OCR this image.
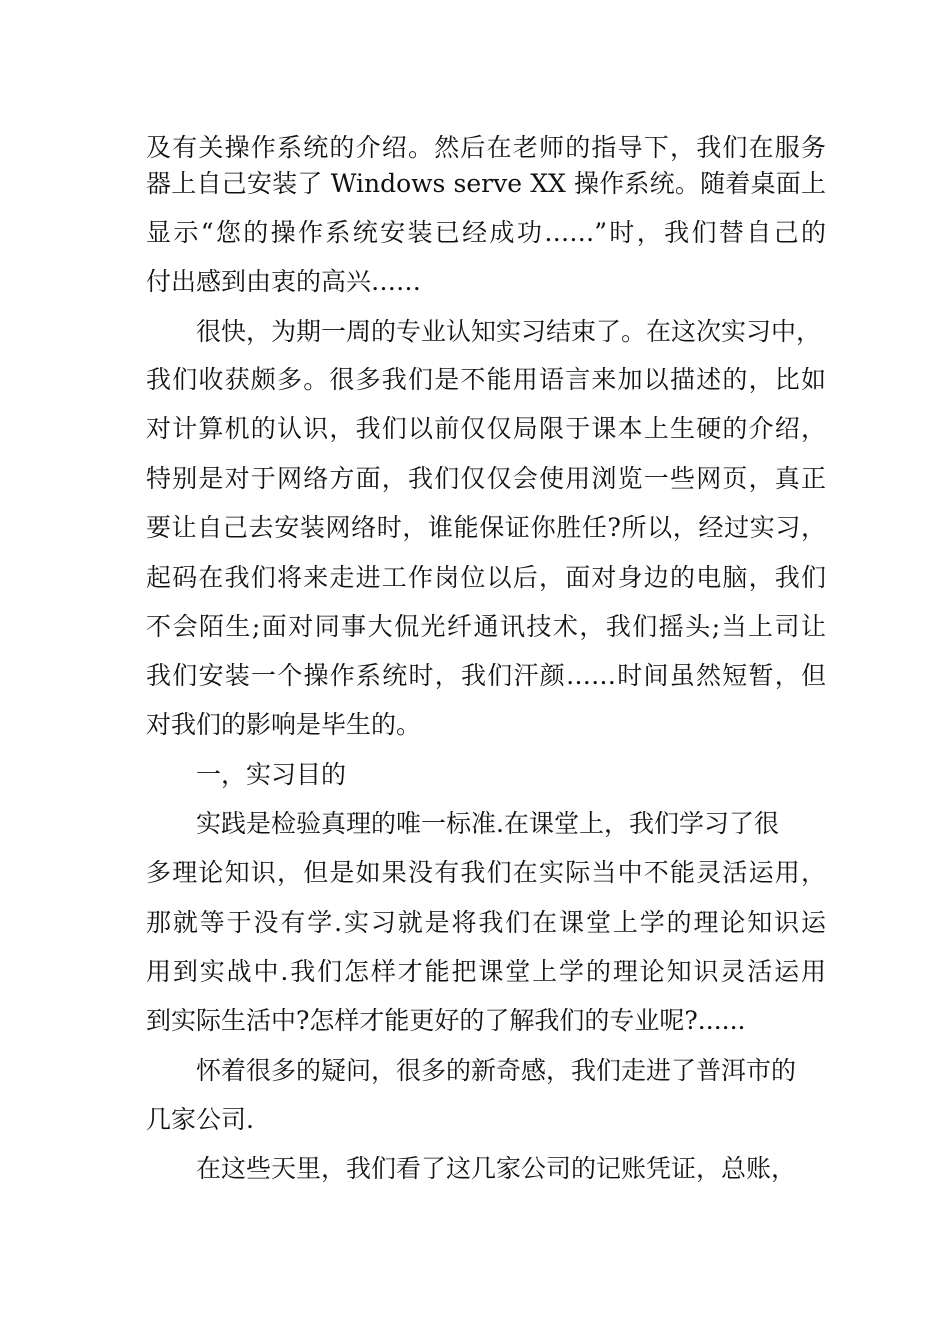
及有关操作系统的介绍。然后在老师的指导下，我们在服务
器上自己安装了 Windows serve XX 操作系统。随着桌面上
显示“您的操作系统安装已经成功……”时，我们替自己的
付出感到由衷的高兴……
很快，为期一周的专业认知实习结束了。在这次实习中，
我们收获颇多。很多我们是不能用语言来加以描述的，比如
对计算机的认识，我们以前仅仅局限于课本上生硬的介绍，
特别是对于网络方面，我们仅仅会使用浏览一些网页，真正
要让自己去安装网络时，谁能保证你胜任?所以，经过实习，
起码在我们将来走进工作岗位以后，面对身边的电脑，我们
不会陌生;面对同事大侃光纤通讯技术，我们摇头;当上司让
我们安装一个操作系统时，我们汗颜……时间虽然短暂，但
对我们的影响是毕生的。
一，实习目的
实践是检验真理的唯一标准.在课堂上，我们学习了很
多理论知识，但是如果没有我们在实际当中不能灵活运用，
那就等于没有学.实习就是将我们在课堂上学的理论知识运
用到实战中.我们怎样才能把课堂上学的理论知识灵活运用
到实际生活中?怎样才能更好的了解我们的专业呢?......
怀着很多的疑问，很多的新奇感，我们走进了普洱市的
几家公司.
在这些天里，我们看了这几家公司的记账凭证，总账，
